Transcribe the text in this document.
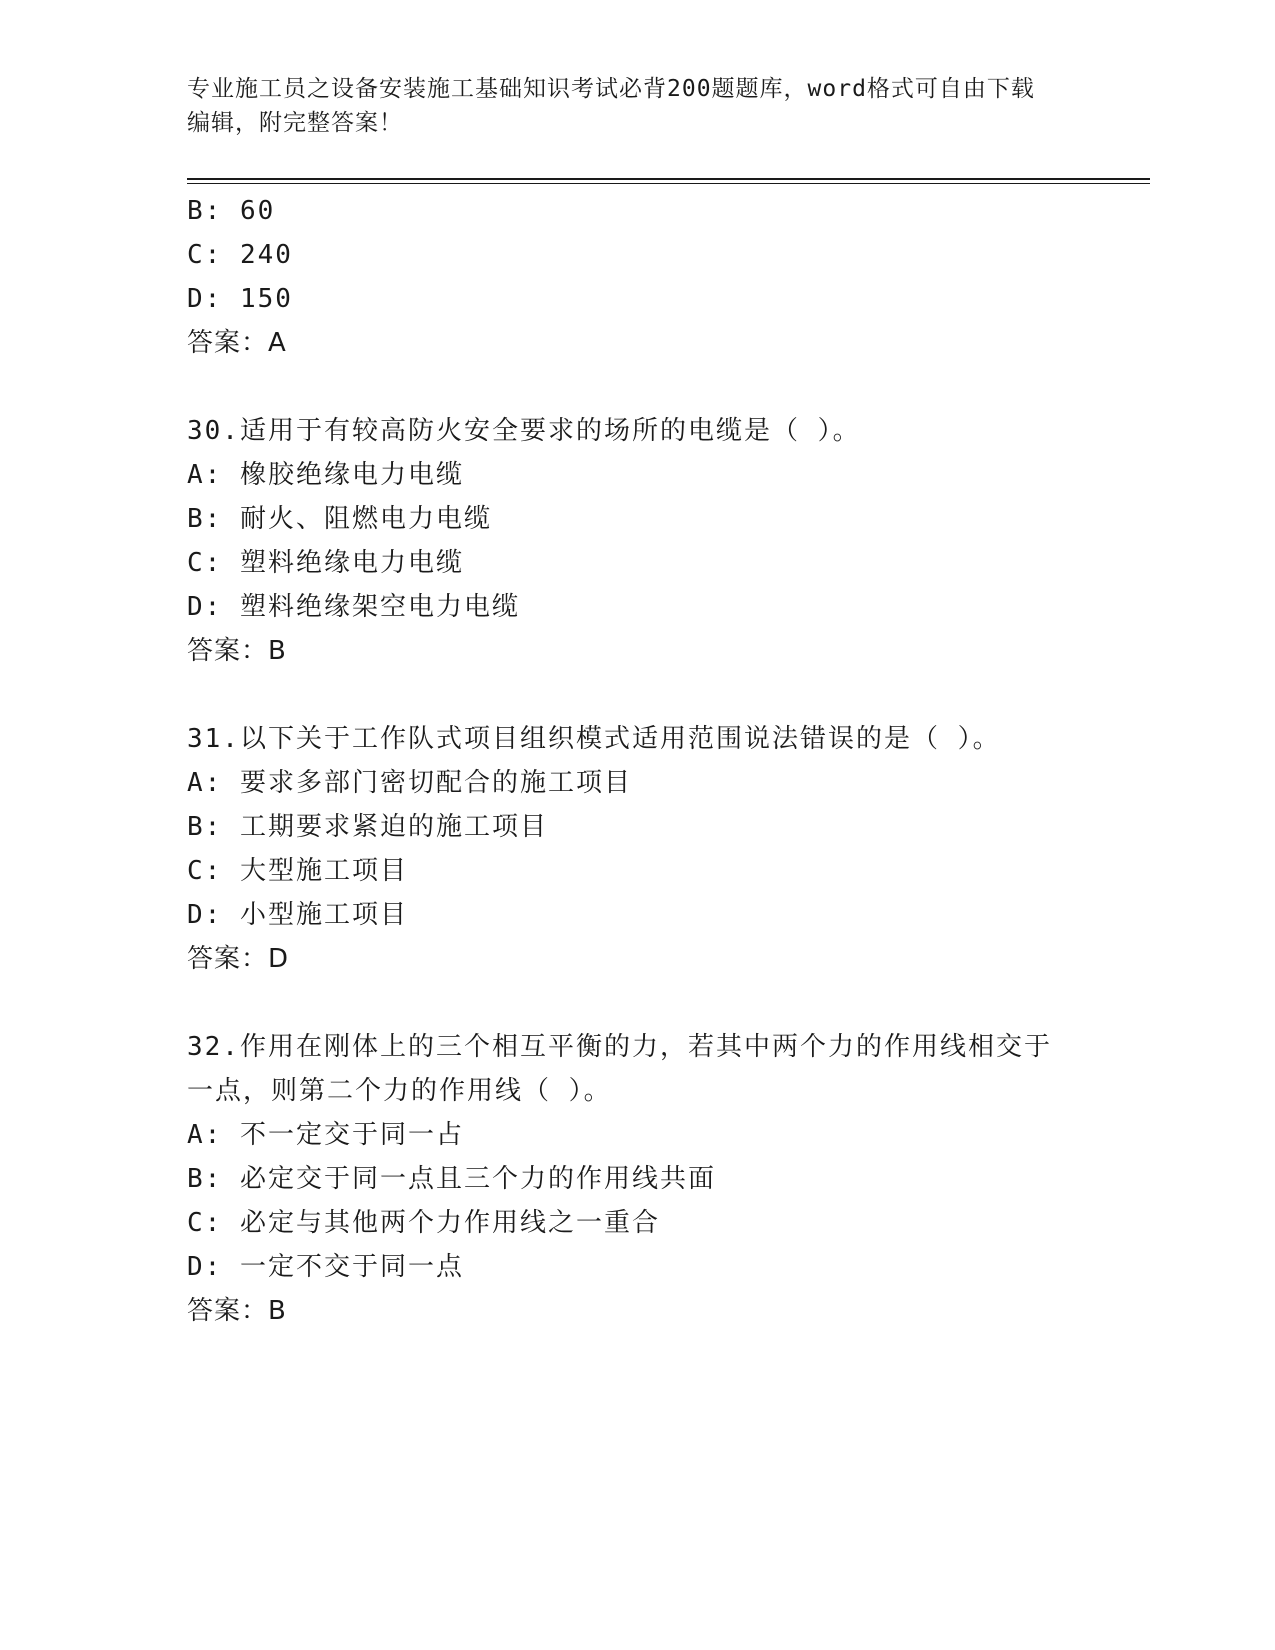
专业施工员之设备安装施工基础知识考试必背200题题库，word格式可自由下载
编辑，附完整答案！
B: 60
C: 240
D: 150
答案：A
30.适用于有较高防火安全要求的场所的电缆是（ ）。
A: 橡胶绝缘电力电缆
B: 耐火、阻燃电力电缆
C: 塑料绝缘电力电缆
D: 塑料绝缘架空电力电缆
答案：B
31.以下关于工作队式项目组织模式适用范围说法错误的是（ ）。
A: 要求多部门密切配合的施工项目
B: 工期要求紧迫的施工项目
C: 大型施工项目
D: 小型施工项目
答案：D
32.作用在刚体上的三个相互平衡的力，若其中两个力的作用线相交于
一点，则第二个力的作用线（ ）。
A: 不一定交于同一占
B: 必定交于同一点且三个力的作用线共面
C: 必定与其他两个力作用线之一重合
D: 一定不交于同一点
答案：B
